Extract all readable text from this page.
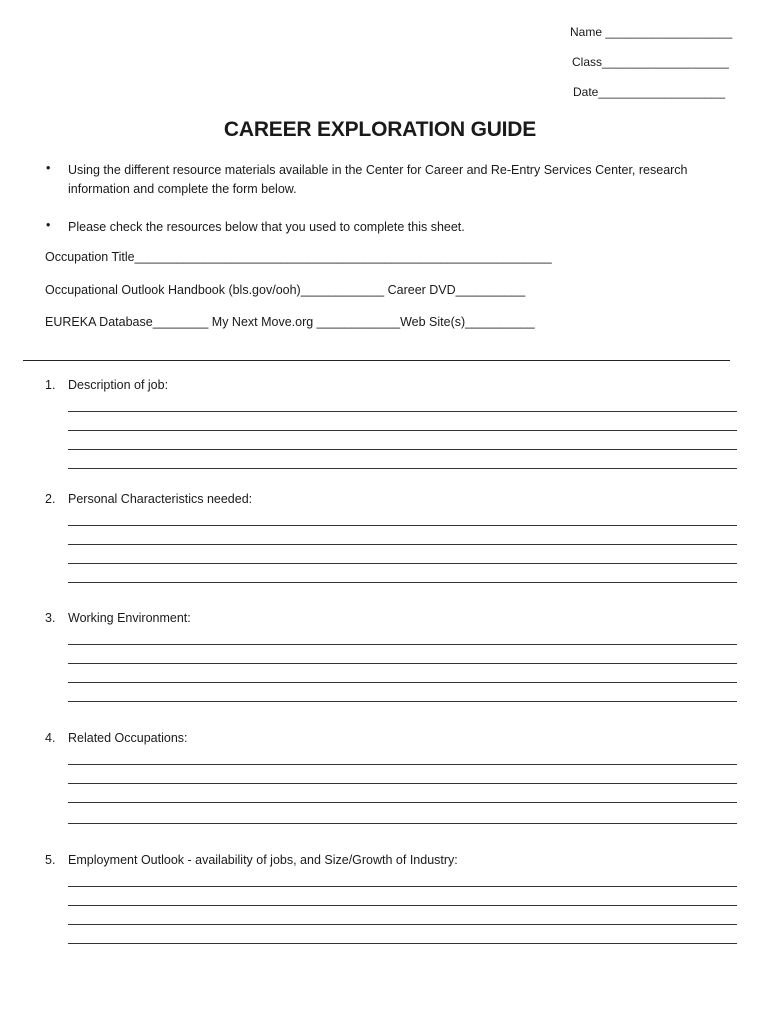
Name ___________________
Class___________________
Date___________________
CAREER EXPLORATION GUIDE
• Using the different resource materials available in the Center for Career and Re-Entry Services Center, research information and complete the form below.
• Please check the resources below that you used to complete this sheet.
Occupation Title____________________________________________________________
Occupational Outlook Handbook (bls.gov/ooh)____________ Career DVD__________
EUREKA Database________ My Next Move.org ____________Web Site(s)__________
1. Description of job:
2. Personal Characteristics needed:
3. Working Environment:
4. Related Occupations:
5. Employment Outlook - availability of jobs, and Size/Growth of Industry:
